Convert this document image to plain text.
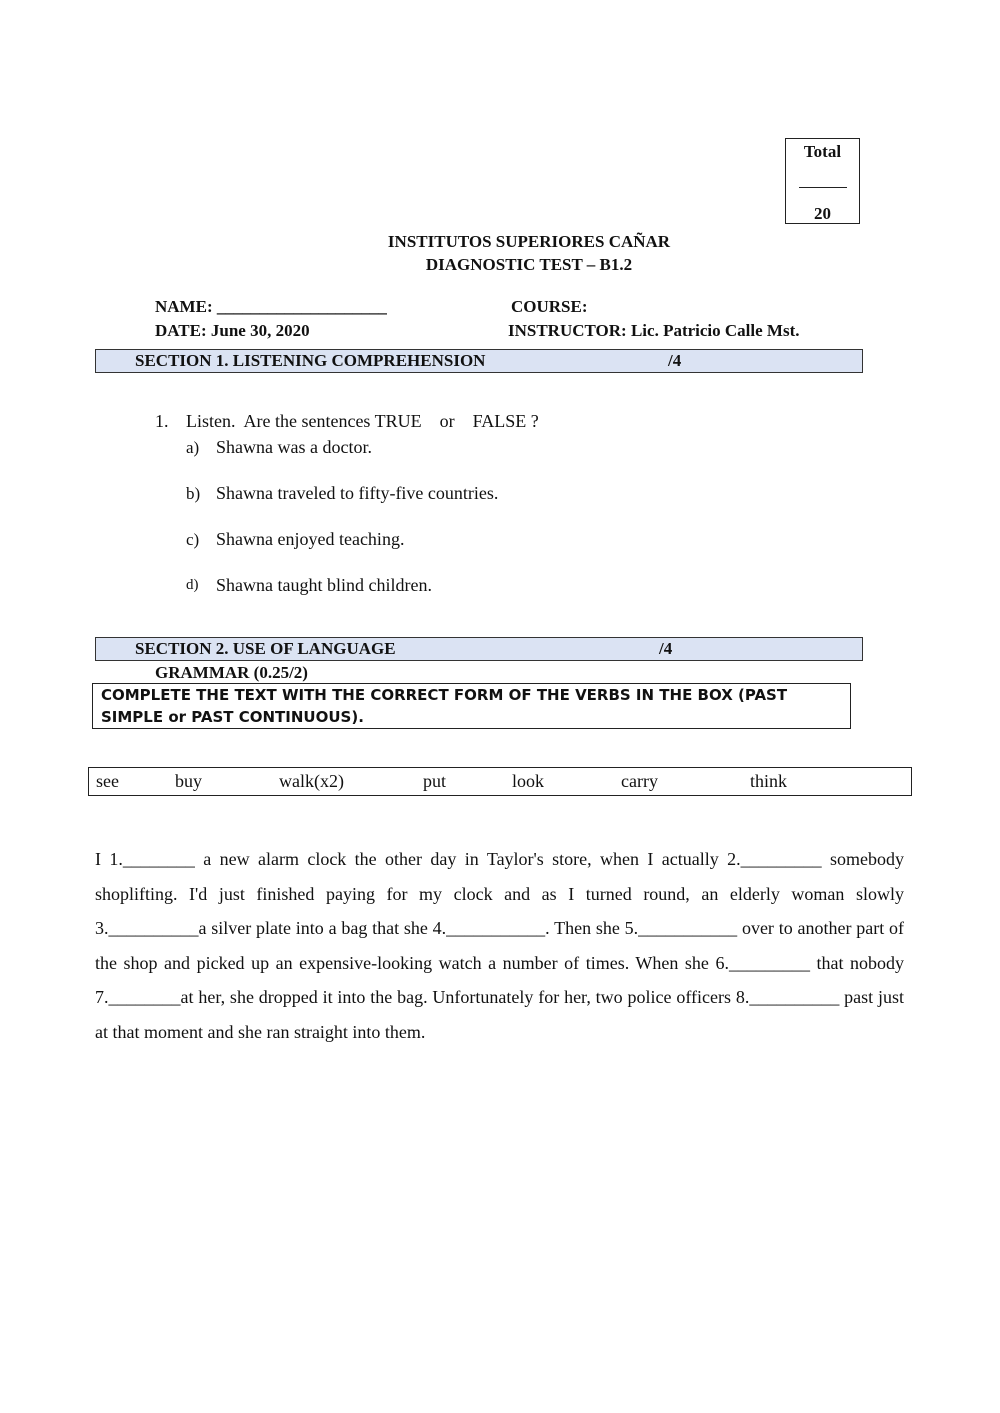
Total
20
INSTITUTOS SUPERIORES CAÑAR
DIAGNOSTIC TEST – B1.2
NAME: ____________________	COURSE:
DATE: June 30, 2020	INSTRUCTOR: Lic. Patricio Calle Mst.
SECTION 1. LISTENING COMPREHENSION	/4
1. Listen.  Are the sentences TRUE    or    FALSE ?
a) Shawna was a doctor.
b) Shawna traveled to fifty-five countries.
c) Shawna enjoyed teaching.
d) Shawna taught blind children.
SECTION 2. USE OF LANGUAGE	/4
GRAMMAR (0.25/2)
COMPLETE THE TEXT WITH THE CORRECT FORM OF THE VERBS IN THE BOX (PAST SIMPLE or PAST CONTINUOUS).
see	buy	walk(x2)	put	look	carry	think
I 1.________ a new alarm clock the other day in Taylor's store, when I actually 2._________ somebody shoplifting. I'd just finished paying for my clock and as I turned round, an elderly woman slowly 3.__________a silver plate into a bag that she 4.___________. Then she 5.___________ over to another part of the shop and picked up an expensive-looking watch a number of times. When she 6._________ that nobody 7.________at her, she dropped it into the bag. Unfortunately for her, two police officers 8.__________ past just at that moment and she ran straight into them.
